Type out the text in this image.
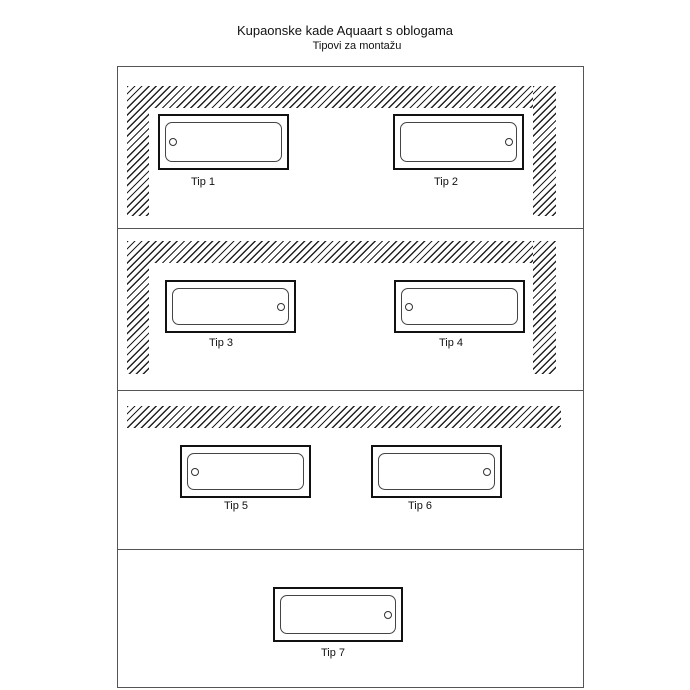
Kupaonske kade Aquaart s oblogama
Tipovi za montažu
Tip 1	Tip 2
Tip 3	Tip 4
Tip 5	Tip 6
Tip 7
